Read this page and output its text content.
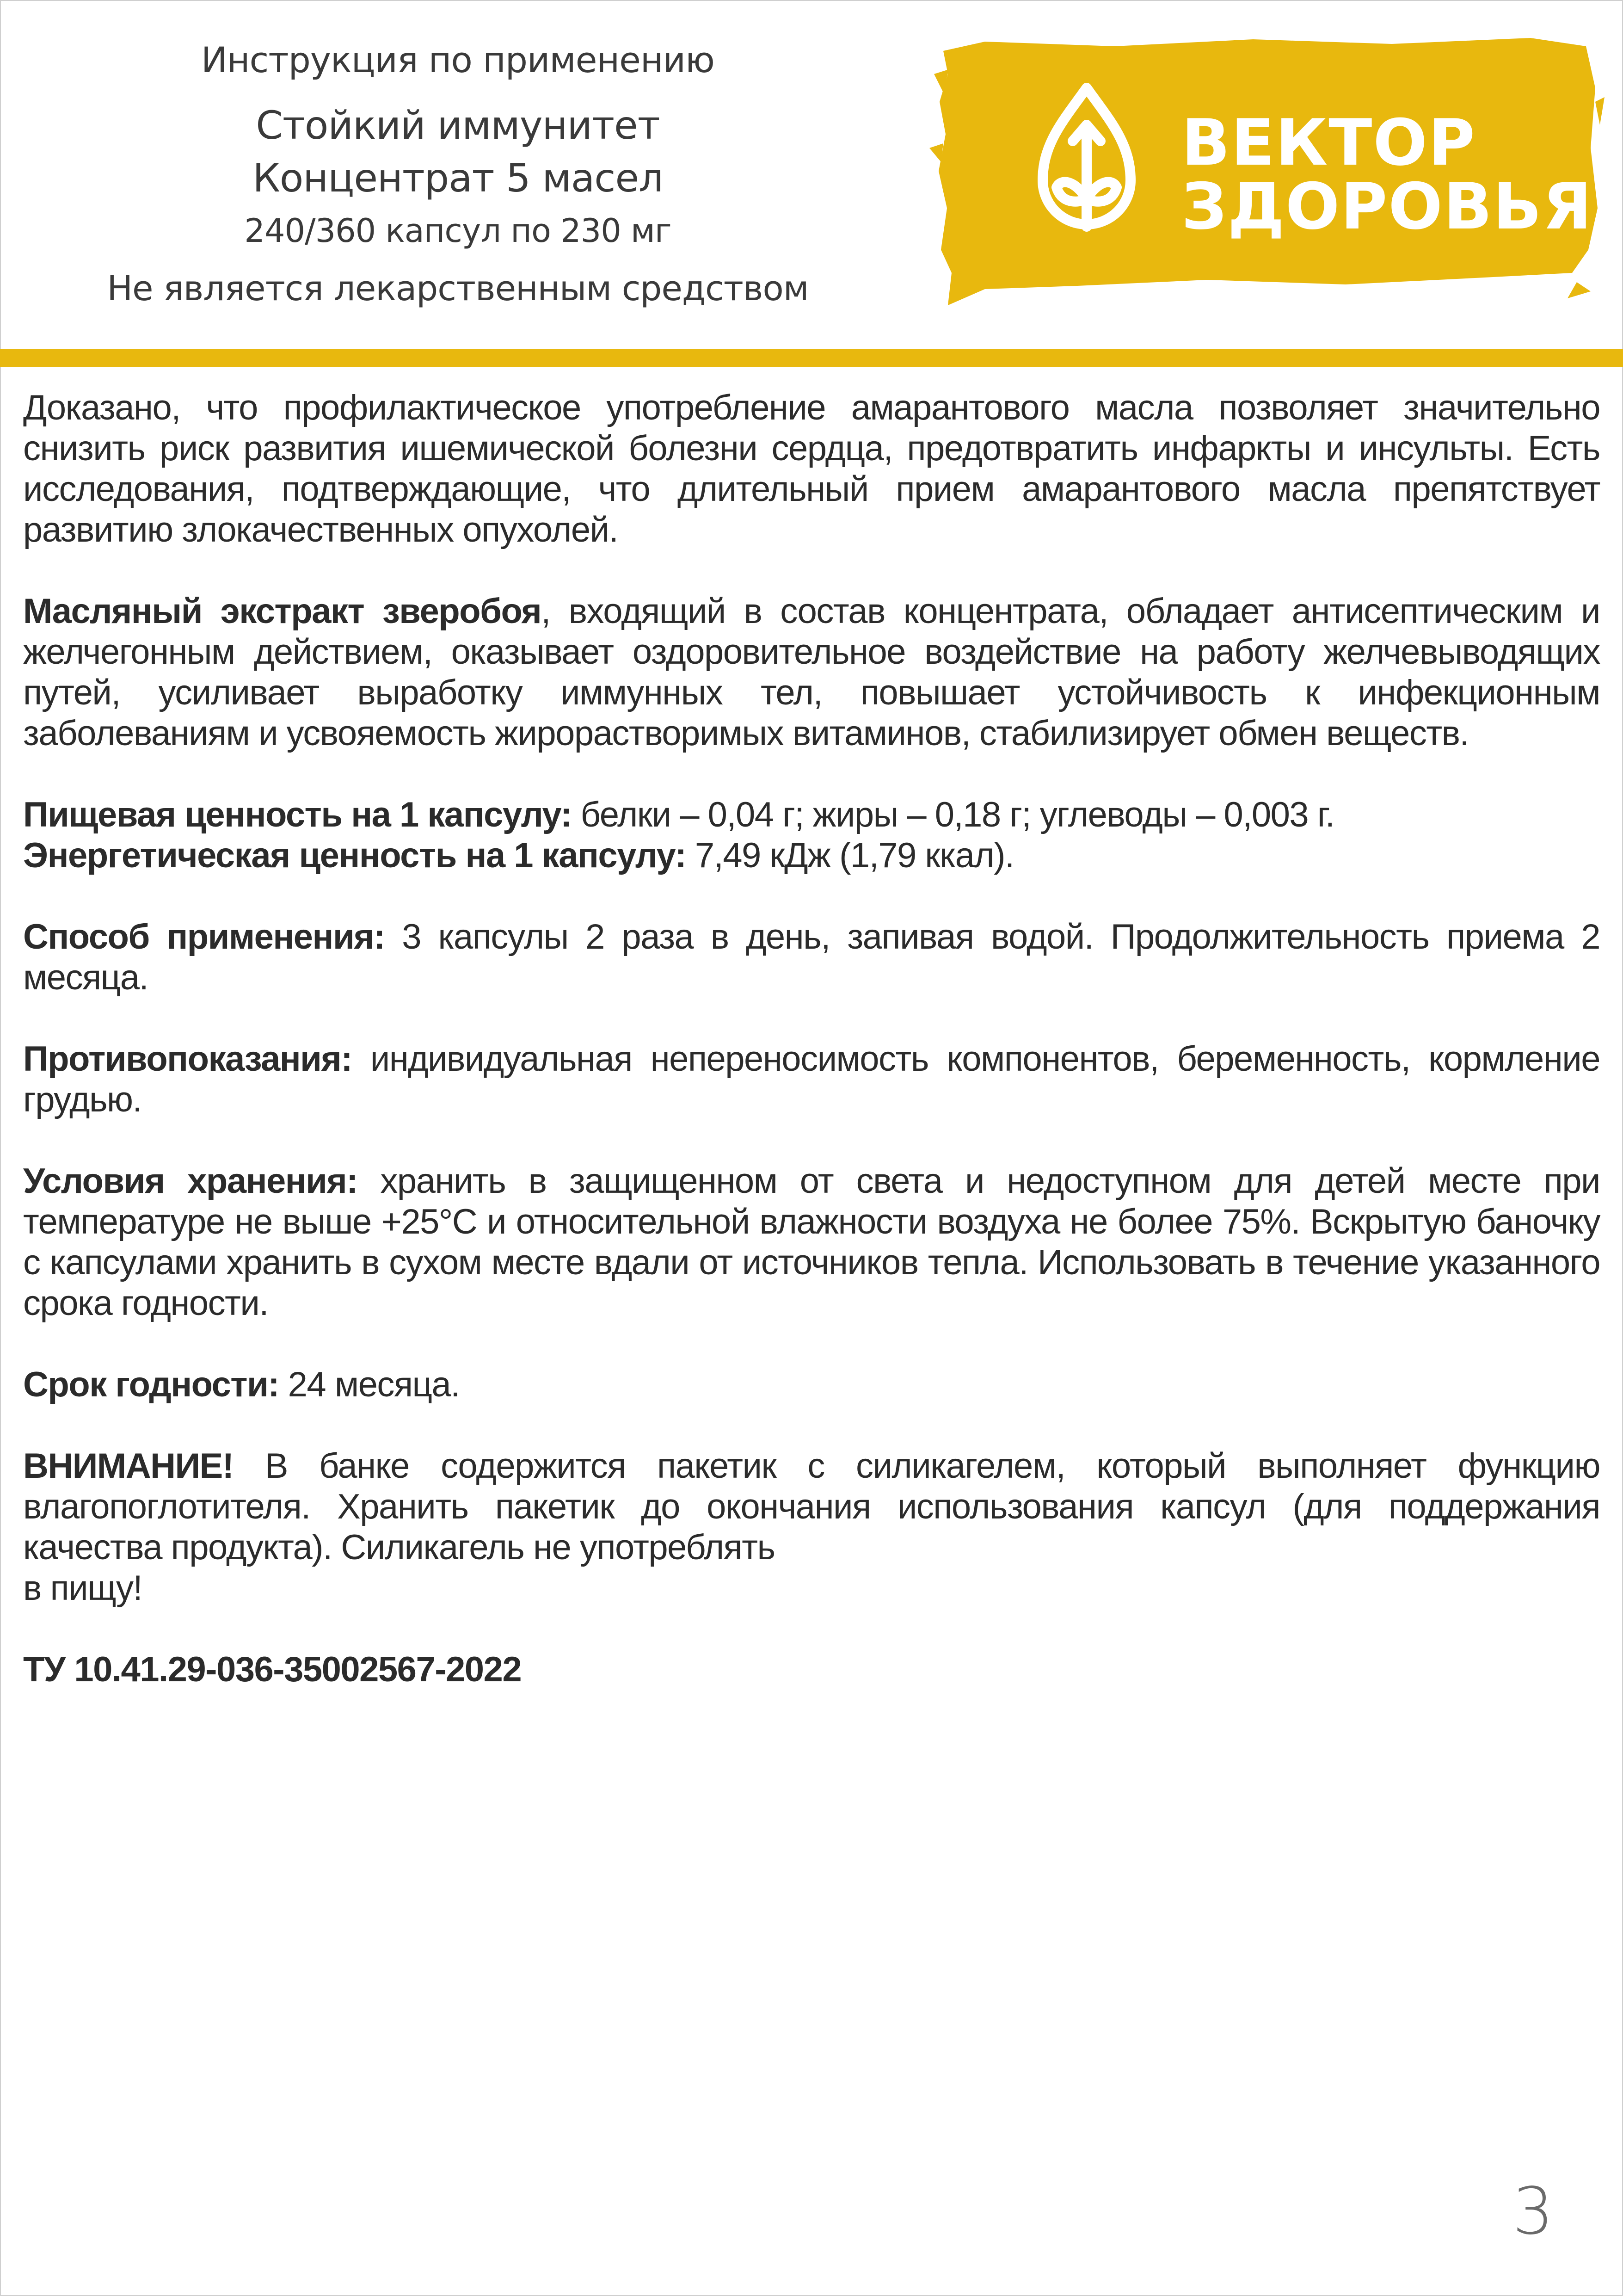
Инструкция по применению
Стойкий иммунитет
Концентрат 5 масел
240/360 капсул по 230 мг
Не является лекарственным средством
ВЕКТОР
ЗДОРОВЬЯ

Доказано, что профилактическое употребление амарантового масла позволяет значительно снизить риск развития ишемической болезни сердца, предотвратить инфаркты и инсульты. Есть исследования, подтверждающие, что длительный прием амарантового масла препятствует развитию злокачественных опухолей.

Масляный экстракт зверобоя, входящий в состав концентрата, обладает антисептическим и желчегонным действием, оказывает оздоровительное воздействие на работу желчевыводящих путей, усиливает выработку иммунных тел, повышает устойчивость к инфекционным заболеваниям и усвояемость жирорастворимых витаминов, стабилизирует обмен веществ.

Пищевая ценность на 1 капсулу: белки – 0,04 г; жиры – 0,18 г; углеводы – 0,003 г.
Энергетическая ценность на 1 капсулу: 7,49 кДж (1,79 ккал).

Способ применения: 3 капсулы 2 раза в день, запивая водой. Продолжительность приема 2 месяца.

Противопоказания: индивидуальная непереносимость компонентов, беременность, кормление грудью.

Условия хранения: хранить в защищенном от света и недоступном для детей месте при температуре не выше +25°С и относительной влажности воздуха не более 75%. Вскрытую баночку с капсулами хранить в сухом месте вдали от источников тепла. Использовать в течение указанного срока годности.

Срок годности: 24 месяца.

ВНИМАНИЕ! В банке содержится пакетик с силикагелем, который выполняет функцию влагопоглотителя. Хранить пакетик до окончания использования капсул (для поддержания качества продукта). Силикагель не употреблять
в пищу!

ТУ 10.41.29-036-35002567-2022

3
